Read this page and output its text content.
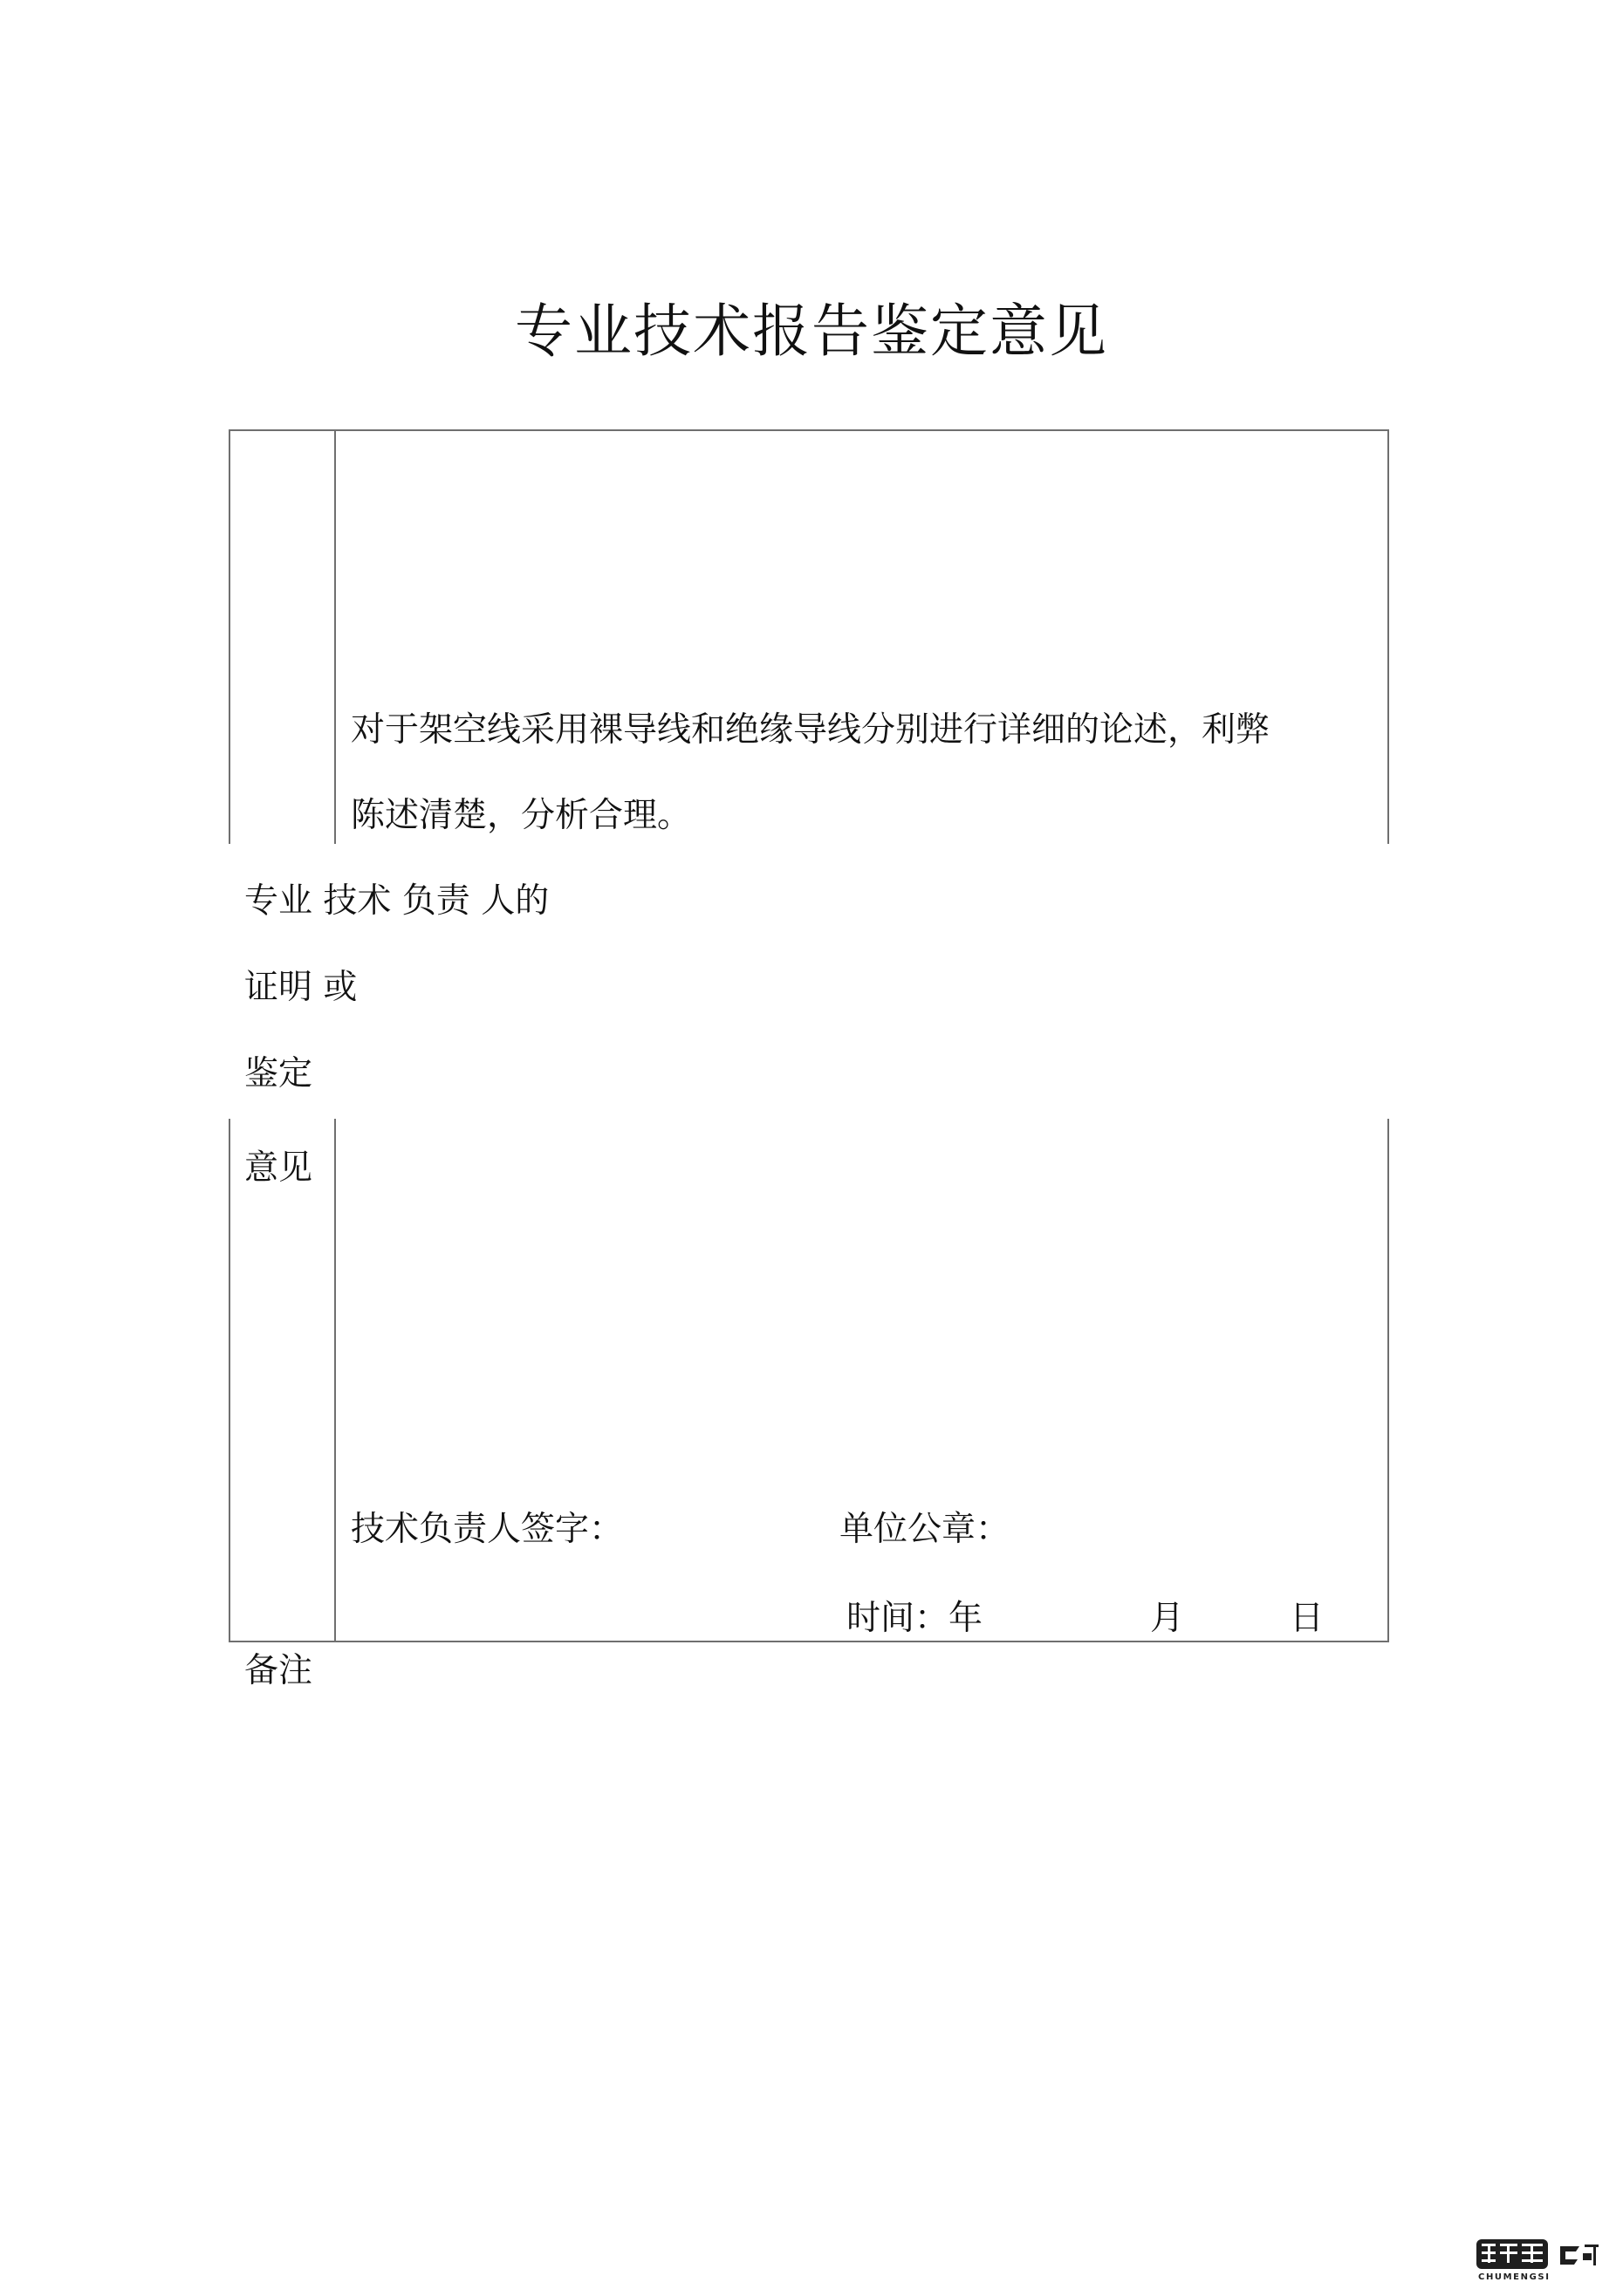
专业技术报告鉴定意见
对于架空线采用裸导线和绝缘导线分别进行详细的论述，利弊
陈述清楚，分析合理。
专业 技术 负责 人的
证明 或
鉴定
意见
技术负责人签字：	单位公章：
时间：年	月	日
备注
CHUMENGSI
